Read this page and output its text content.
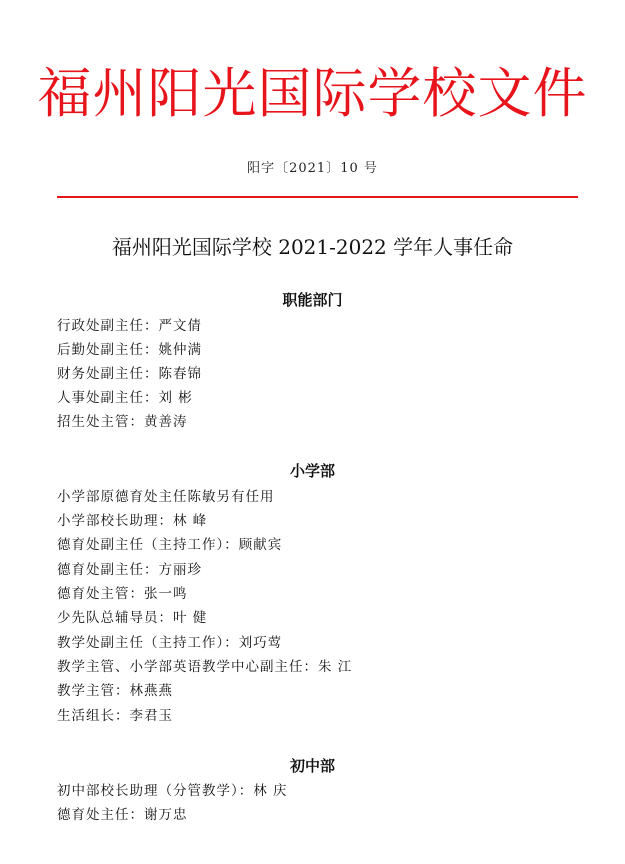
福州阳光国际学校文件
阳字〔2021〕10 号
福州阳光国际学校 2021-2022 学年人事任命
职能部门
行政处副主任：严文倩
后勤处副主任：姚仲满
财务处副主任：陈春锦
人事处副主任：刘 彬
招生处主管：黄善涛
小学部
小学部原德育处主任陈敏另有任用
小学部校长助理：林 峰
德育处副主任（主持工作）：顾献宾
德育处副主任：方丽珍
德育处主管：张一鸣
少先队总辅导员：叶 健
教学处副主任（主持工作）：刘巧莺
教学主管、小学部英语教学中心副主任：朱 江
教学主管：林燕燕
生活组长：李君玉
初中部
初中部校长助理（分管教学）：林 庆
德育处主任：谢万忠
